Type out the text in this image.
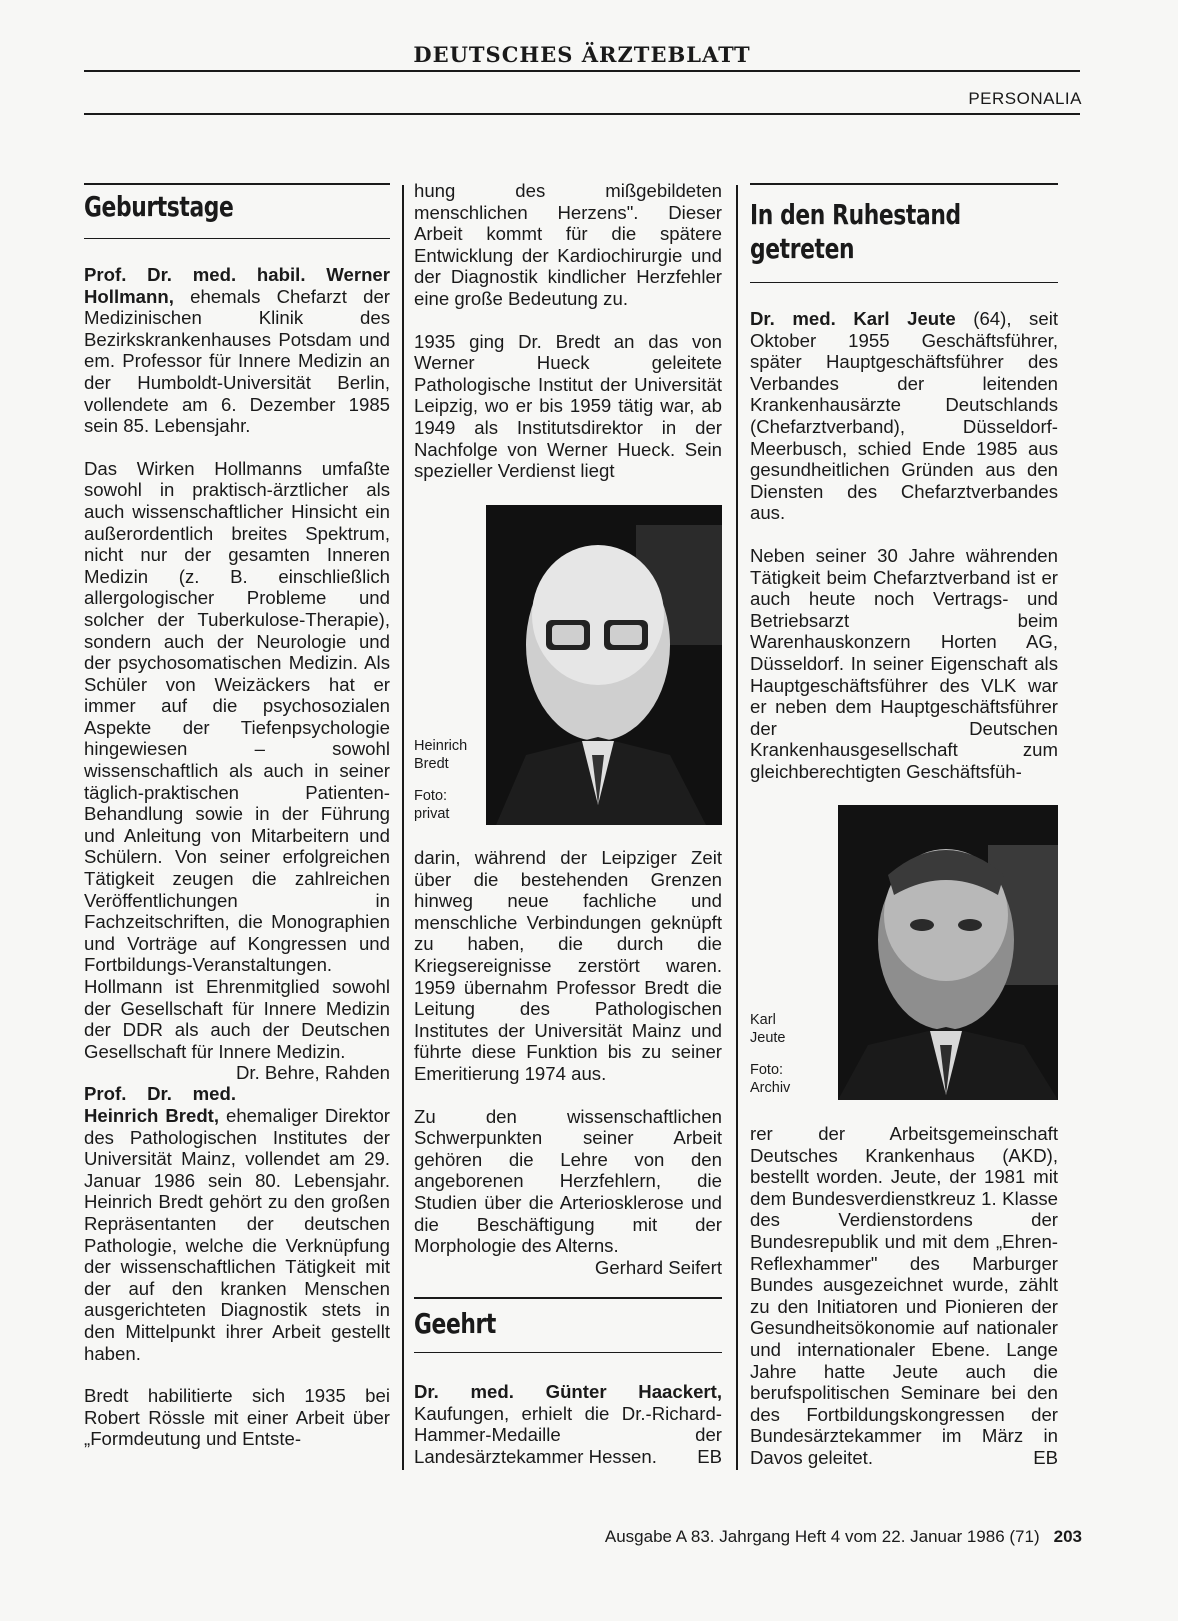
DEUTSCHES ÄRZTEBLATT
PERSONALIA
Geburtstage

Prof. Dr. med. habil. Werner Hollmann, ehemals Chefarzt der Medizinischen Klinik des Bezirkskrankenhauses Potsdam und em. Professor für Innere Medizin an der Humboldt-Universität Berlin, vollendete am 6. Dezember 1985 sein 85. Lebensjahr.

Das Wirken Hollmanns umfaßte sowohl in praktisch-ärztlicher als auch wissenschaftlicher Hinsicht ein außerordentlich breites Spektrum, nicht nur der gesamten Inneren Medizin (z. B. einschließlich allergologischer Probleme und solcher der Tuberkulose-Therapie), sondern auch der Neurologie und der psychosomatischen Medizin. Als Schüler von Weizäckers hat er immer auf die psychosozialen Aspekte der Tiefenpsychologie hingewiesen – sowohl wissenschaftlich als auch in seiner täglich-praktischen Patienten-Behandlung sowie in der Führung und Anleitung von Mitarbeitern und Schülern. Von seiner erfolgreichen Tätigkeit zeugen die zahlreichen Veröffentlichungen in Fachzeitschriften, die Monographien und Vorträge auf Kongressen und Fortbildungs-Veranstaltungen. Hollmann ist Ehrenmitglied sowohl der Gesellschaft für Innere Medizin der DDR als auch der Deutschen Gesellschaft für Innere Medizin.
Dr. Behre, Rahden

Prof. Dr. med. Heinrich Bredt, ehemaliger Direktor des Pathologischen Institutes der Universität Mainz, vollendet am 29. Januar 1986 sein 80. Lebensjahr. Heinrich Bredt gehört zu den großen Repräsentanten der deutschen Pathologie, welche die Verknüpfung der wissenschaftlichen Tätigkeit mit der auf den kranken Menschen ausgerichteten Diagnostik stets in den Mittelpunkt ihrer Arbeit gestellt haben.

Bredt habilitierte sich 1935 bei Robert Rössle mit einer Arbeit über „Formdeutung und Entste-

hung des mißgebildeten menschlichen Herzens". Dieser Arbeit kommt für die spätere Entwicklung der Kardiochirurgie und der Diagnostik kindlicher Herzfehler eine große Bedeutung zu.

1935 ging Dr. Bredt an das von Werner Hueck geleitete Pathologische Institut der Universität Leipzig, wo er bis 1959 tätig war, ab 1949 als Institutsdirektor in der Nachfolge von Werner Hueck. Sein spezieller Verdienst liegt

Heinrich Bredt
Foto: privat

darin, während der Leipziger Zeit über die bestehenden Grenzen hinweg neue fachliche und menschliche Verbindungen geknüpft zu haben, die durch die Kriegsereignisse zerstört waren. 1959 übernahm Professor Bredt die Leitung des Pathologischen Institutes der Universität Mainz und führte diese Funktion bis zu seiner Emeritierung 1974 aus.

Zu den wissenschaftlichen Schwerpunkten seiner Arbeit gehören die Lehre von den angeborenen Herzfehlern, die Studien über die Arteriosklerose und die Beschäftigung mit der Morphologie des Alterns.
Gerhard Seifert

Geehrt

Dr. med. Günter Haackert, Kaufungen, erhielt die Dr.-Richard-Hammer-Medaille der Landesärztekammer Hessen. EB

In den Ruhestand
getreten

Dr. med. Karl Jeute (64), seit Oktober 1955 Geschäftsführer, später Hauptgeschäftsführer des Verbandes der leitenden Krankenhausärzte Deutschlands (Chefarztverband), Düsseldorf-Meerbusch, schied Ende 1985 aus gesundheitlichen Gründen aus den Diensten des Chefarztverbandes aus.

Neben seiner 30 Jahre währenden Tätigkeit beim Chefarztverband ist er auch heute noch Vertrags- und Betriebsarzt beim Warenhauskonzern Horten AG, Düsseldorf. In seiner Eigenschaft als Hauptgeschäftsführer des VLK war er neben dem Hauptgeschäftsführer der Deutschen Krankenhausgesellschaft zum gleichberechtigten Geschäftsfüh-

Karl Jeute
Foto: Archiv

rer der Arbeitsgemeinschaft Deutsches Krankenhaus (AKD), bestellt worden. Jeute, der 1981 mit dem Bundesverdienstkreuz 1. Klasse des Verdienstordens der Bundesrepublik und mit dem „Ehren-Reflexhammer" des Marburger Bundes ausgezeichnet wurde, zählt zu den Initiatoren und Pionieren der Gesundheitsökonomie auf nationaler und internationaler Ebene. Lange Jahre hatte Jeute auch die berufspolitischen Seminare bei den des Fortbildungskongressen der Bundesärztekammer im März in Davos geleitet.	EB

Ausgabe A 83. Jahrgang Heft 4 vom 22. Januar 1986 (71) 203
